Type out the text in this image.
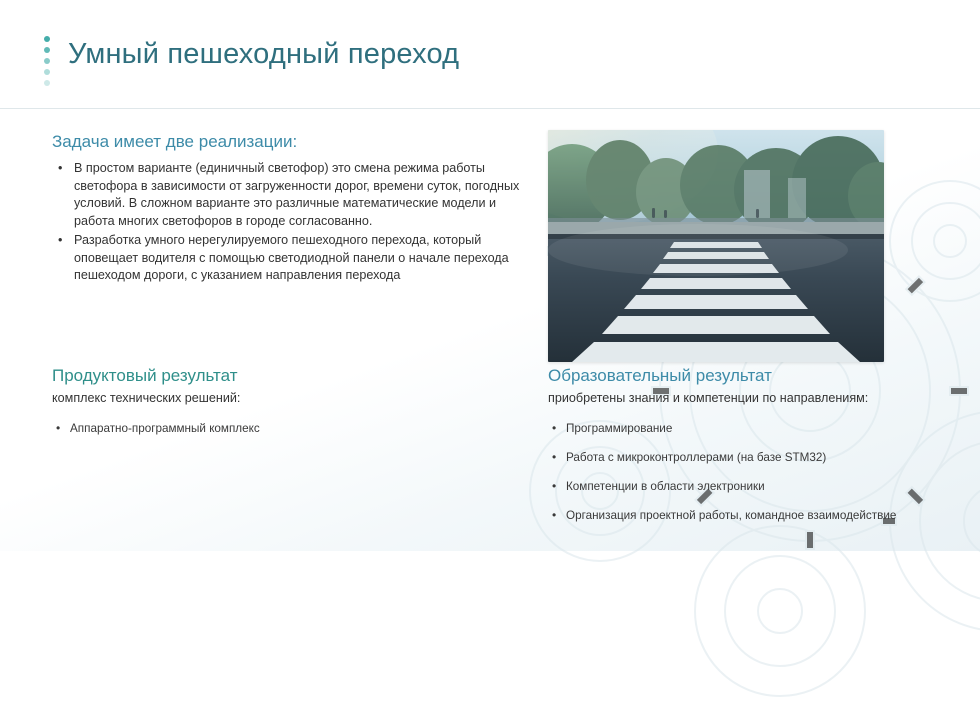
Умный пешеходный переход
Задача имеет две реализации:
• В простом варианте (единичный светофор) это смена режима работы светофора в зависимости от загруженности дорог, времени суток, погодных условий. В сложном варианте это различные математические модели и работа многих светофоров в городе согласованно.
• Разработка умного нерегулируемого пешеходного перехода, который оповещает водителя с помощью светодиодной панели о начале перехода пешеходом дороги, с указанием направления перехода
Продуктовый результат
комплекс технических решений:
• Аппаратно-программный комплекс
Образовательный результат
приобретены знания и компетенции по направлениям:
• Программирование
• Работа с микроконтроллерами (на базе STM32)
• Компетенции в области электроники
• Организация проектной работы, командное взаимодействие
